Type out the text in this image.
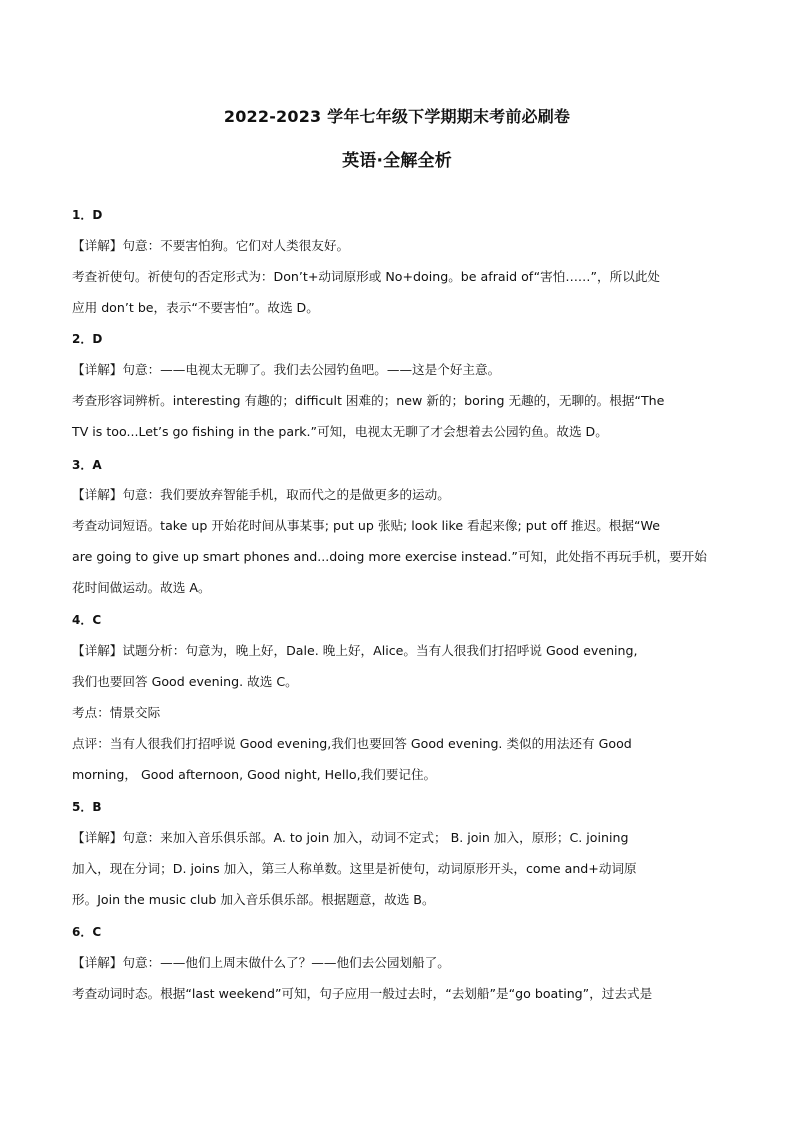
2022-2023 学年七年级下学期期末考前必刷卷
英语·全解全析
1．D
【详解】句意：不要害怕狗。它们对人类很友好。
考查祈使句。祈使句的否定形式为：Don’t+动词原形或 No+doing。be afraid of“害怕……”，所以此处
应用 don’t be，表示“不要害怕”。故选 D。
2．D
【详解】句意：——电视太无聊了。我们去公园钓鱼吧。——这是个好主意。
考查形容词辨析。interesting 有趣的；difficult 困难的；new 新的；boring 无趣的，无聊的。根据“The
TV is too...Let’s go fishing in the park.”可知，电视太无聊了才会想着去公园钓鱼。故选 D。
3．A
【详解】句意：我们要放弃智能手机，取而代之的是做更多的运动。
考查动词短语。take up 开始花时间从事某事; put up 张贴; look like 看起来像; put off 推迟。根据“We
are going to give up smart phones and...doing more exercise instead.”可知，此处指不再玩手机，要开始
花时间做运动。故选 A。
4．C
【详解】试题分析：句意为，晚上好，Dale. 晚上好，Alice。当有人很我们打招呼说 Good evening,
我们也要回答 Good evening. 故选 C。
考点：情景交际
点评：当有人很我们打招呼说 Good evening,我们也要回答 Good evening. 类似的用法还有 Good
morning， Good afternoon, Good night, Hello,我们要记住。
5．B
【详解】句意：来加入音乐俱乐部。A. to join 加入，动词不定式； B. join 加入，原形；C. joining
加入，现在分词；D. joins 加入，第三人称单数。这里是祈使句，动词原形开头，come and+动词原
形。Join the music club 加入音乐俱乐部。根据题意，故选 B。
6．C
【详解】句意：——他们上周末做什么了？——他们去公园划船了。
考查动词时态。根据“last weekend”可知，句子应用一般过去时，“去划船”是“go boating”，过去式是
